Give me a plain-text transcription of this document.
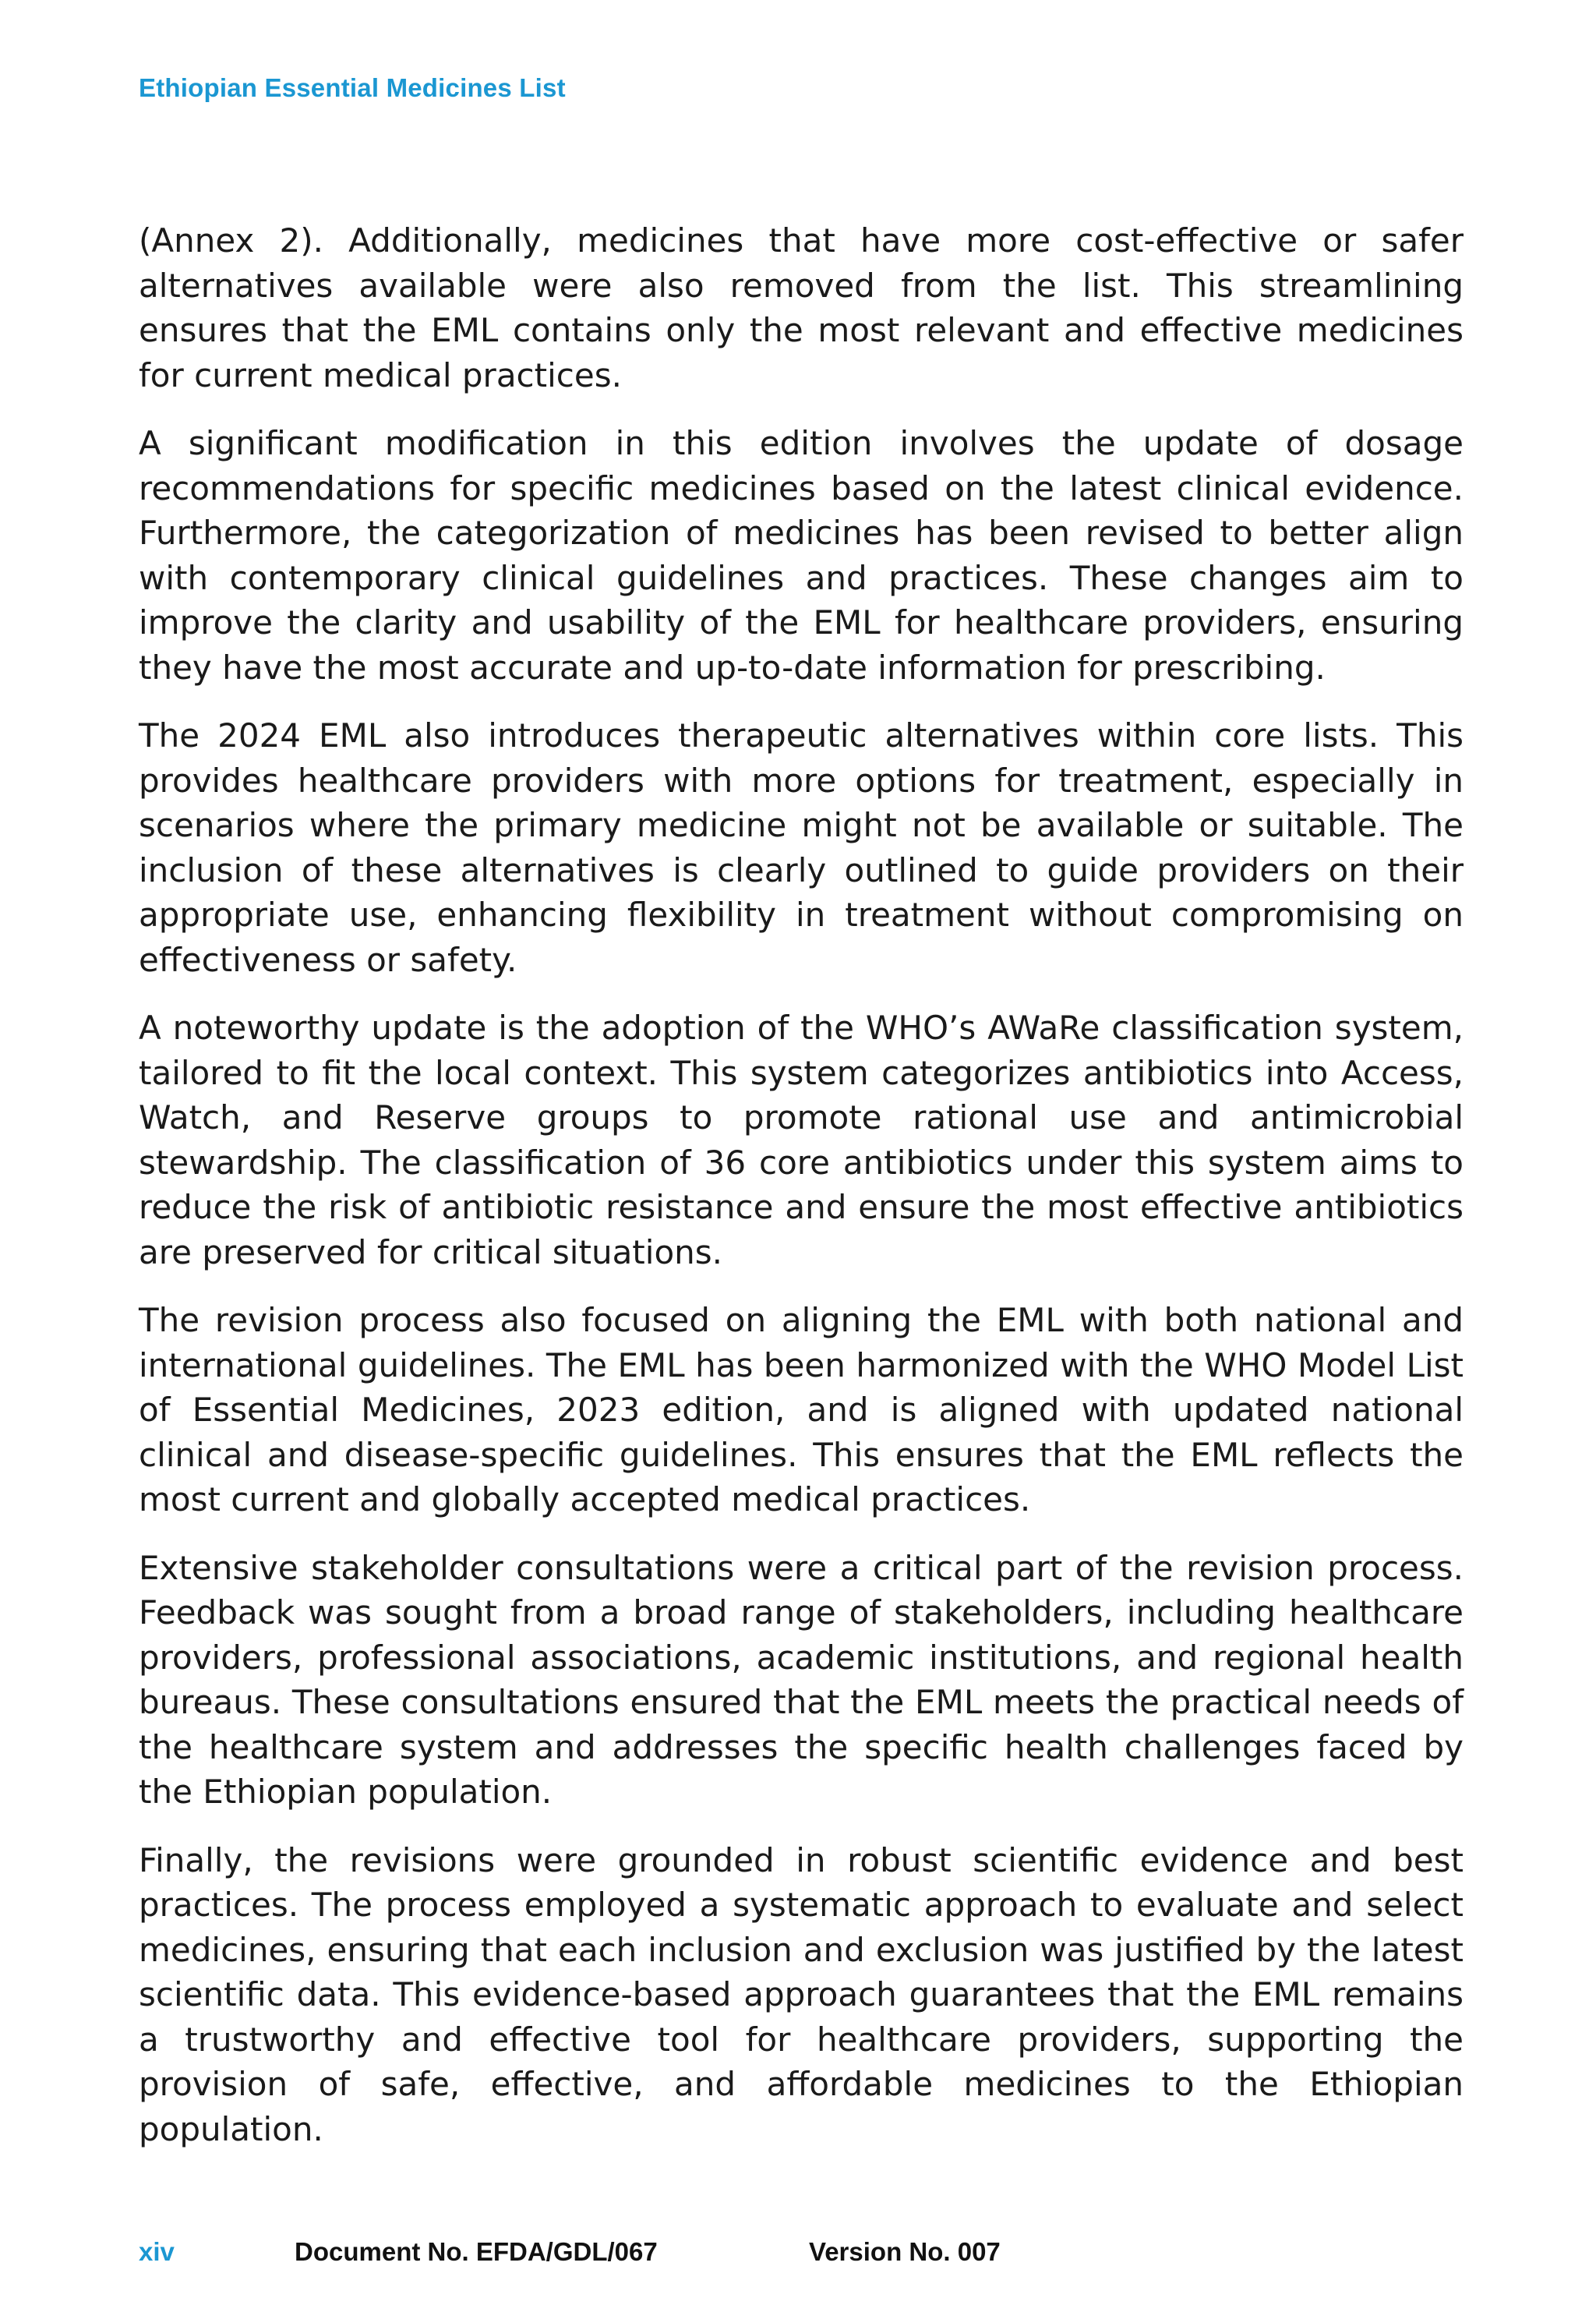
Ethiopian Essential Medicines List

(Annex 2). Additionally, medicines that have more cost-effective or safer alternatives available were also removed from the list. This streamlining ensures that the EML contains only the most relevant and effective medicines for current medical practices.

A significant modification in this edition involves the update of dosage recommendations for specific medicines based on the latest clinical evidence. Furthermore, the categorization of medicines has been revised to better align with contemporary clinical guidelines and practices. These changes aim to improve the clarity and usability of the EML for healthcare providers, ensuring they have the most accurate and up-to-date information for prescribing.

The 2024 EML also introduces therapeutic alternatives within core lists. This provides healthcare providers with more options for treatment, especially in scenarios where the primary medicine might not be available or suitable. The inclusion of these alternatives is clearly outlined to guide providers on their appropriate use, enhancing flexibility in treatment without compromising on effectiveness or safety.

A noteworthy update is the adoption of the WHO’s AWaRe classification system, tailored to fit the local context. This system categorizes antibiotics into Access, Watch, and Reserve groups to promote rational use and antimicrobial stewardship. The classification of 36 core antibiotics under this system aims to reduce the risk of antibiotic resistance and ensure the most effective antibiotics are preserved for critical situations.

The revision process also focused on aligning the EML with both national and international guidelines. The EML has been harmonized with the WHO Model List of Essential Medicines, 2023 edition, and is aligned with updated national clinical and disease-specific guidelines. This ensures that the EML reflects the most current and globally accepted medical practices.

Extensive stakeholder consultations were a critical part of the revision process. Feedback was sought from a broad range of stakeholders, including healthcare providers, professional associations, academic institutions, and regional health bureaus. These consultations ensured that the EML meets the practical needs of the healthcare system and addresses the specific health challenges faced by the Ethiopian population.

Finally, the revisions were grounded in robust scientific evidence and best practices. The process employed a systematic approach to evaluate and select medicines, ensuring that each inclusion and exclusion was justified by the latest scientific data. This evidence-based approach guarantees that the EML remains a trustworthy and effective tool for healthcare providers, supporting the provision of safe, effective, and affordable medicines to the Ethiopian population.

xiv	Document No. EFDA/GDL/067	Version No. 007
